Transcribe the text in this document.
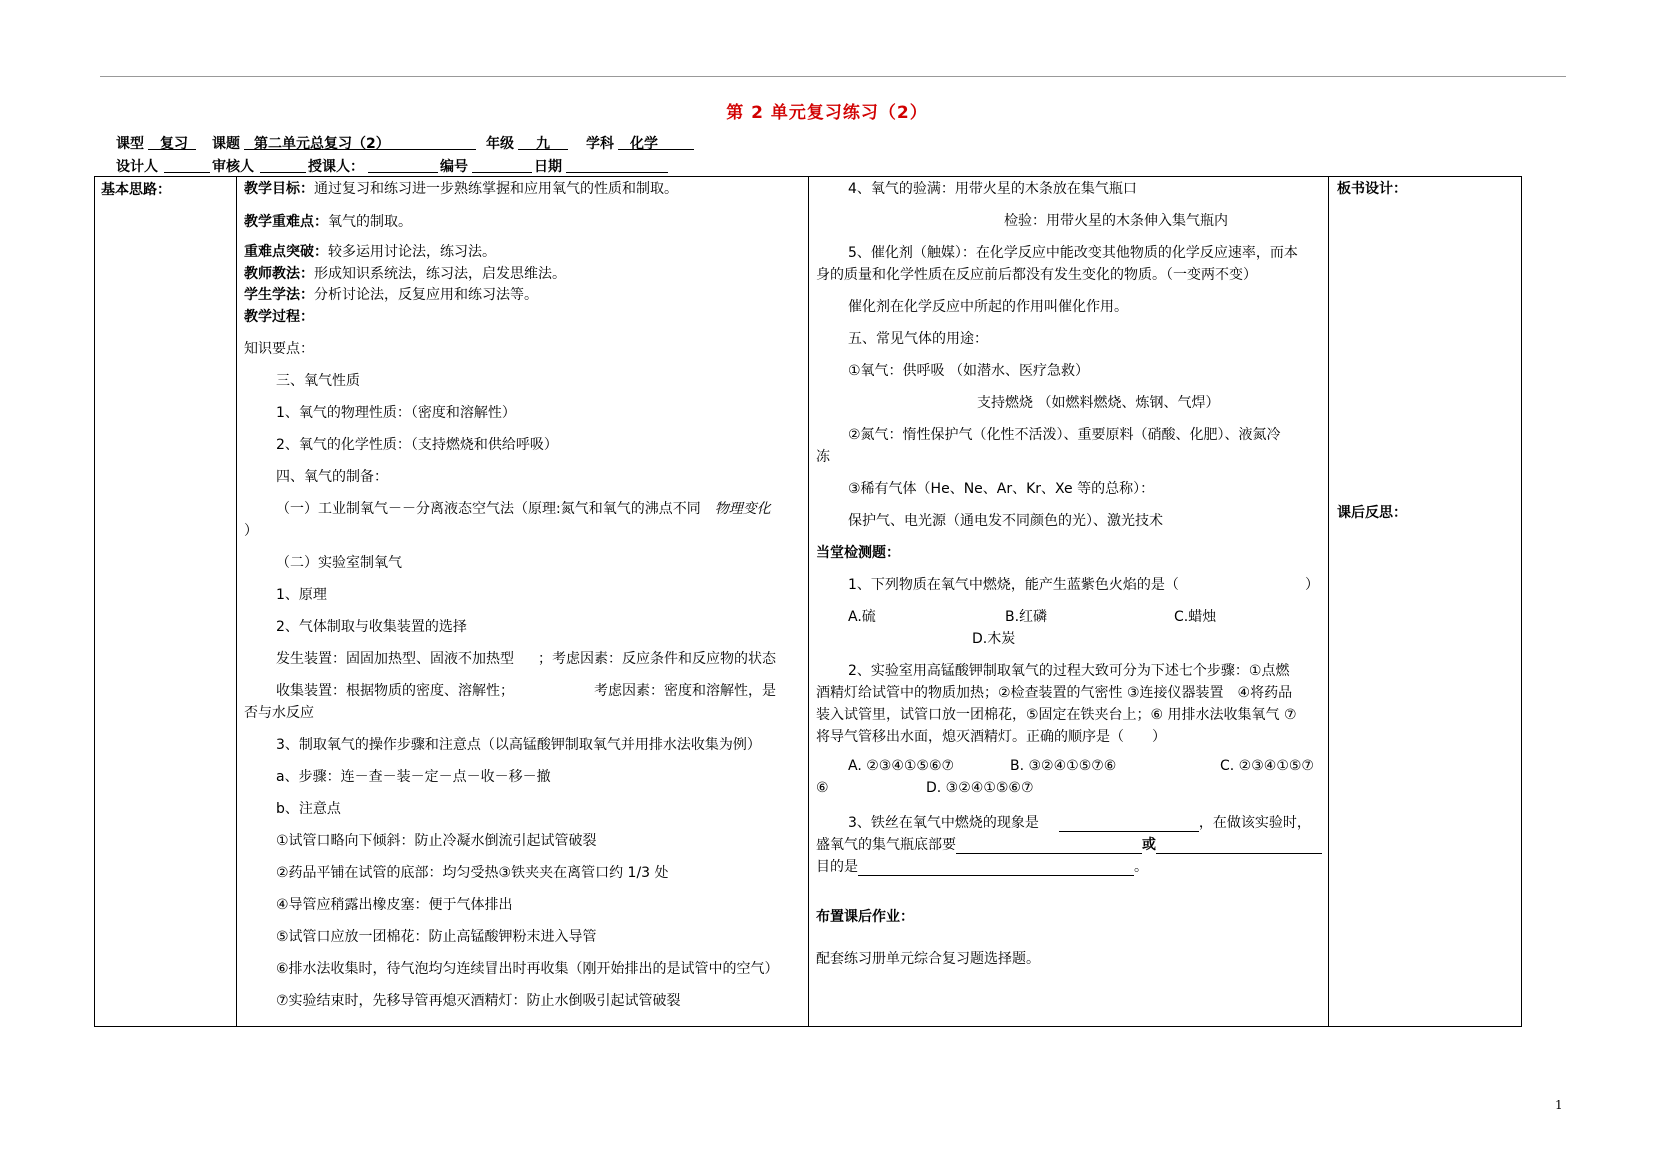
第 2 单元复习练习（2）
课型 复习 课题 第二单元总复习（2）	年级 九	学科 化学
设计人	审核人	授课人：	编号	日期
基本思路：	教学目标：通过复习和练习进一步熟练掌握和应用氧气的性质和制取。
教学重难点：氧气的制取。
重难点突破：较多运用讨论法，练习法。
教师教法：形成知识系统法，练习法，启发思维法。
学生学法：分析讨论法，反复应用和练习法等。
教学过程：
知识要点：
三、氧气性质
1、氧气的物理性质：（密度和溶解性）
2、氧气的化学性质：（支持燃烧和供给呼吸）
四、氧气的制备：
（一）工业制氧气－－分离液态空气法（原理:氮气和氧气的沸点不同 物理变化
）
（二）实验室制氧气
1、原理
2、气体制取与收集装置的选择
发生装置：固固加热型、固液不加热型 ；考虑因素：反应条件和反应物的状态
收集装置：根据物质的密度、溶解性；	考虑因素：密度和溶解性，是
否与水反应
3、制取氧气的操作步骤和注意点（以高锰酸钾制取氧气并用排水法收集为例）
a、步骤：连－查－装－定－点－收－移－撤
b、注意点
①试管口略向下倾斜：防止冷凝水倒流引起试管破裂
②药品平铺在试管的底部：均匀受热③铁夹夹在离管口约 1/3 处
④导管应稍露出橡皮塞：便于气体排出
⑤试管口应放一团棉花：防止高锰酸钾粉末进入导管
⑥排水法收集时，待气泡均匀连续冒出时再收集（刚开始排出的是试管中的空气）
⑦实验结束时，先移导管再熄灭酒精灯：防止水倒吸引起试管破裂

4、氧气的验满：用带火星的木条放在集气瓶口
检验：用带火星的木条伸入集气瓶内
5、催化剂（触媒）：在化学反应中能改变其他物质的化学反应速率，而本
身的质量和化学性质在反应前后都没有发生变化的物质。（一变两不变）
催化剂在化学反应中所起的作用叫催化作用。
五、常见气体的用途：
①氧气：供呼吸 （如潜水、医疗急救）
支持燃烧 （如燃料燃烧、炼钢、气焊）
②氮气：惰性保护气（化性不活泼）、重要原料（硝酸、化肥）、液氮冷
冻
③稀有气体（He、Ne、Ar、Kr、Xe 等的总称）：
保护气、电光源（通电发不同颜色的光）、激光技术
当堂检测题：
1、下列物质在氧气中燃烧，能产生蓝紫色火焰的是（	）
A.硫	B.红磷	C.蜡烛
D.木炭
2、实验室用高锰酸钾制取氧气的过程大致可分为下述七个步骤：①点燃
酒精灯给试管中的物质加热；②检查装置的气密性 ③连接仪器装置　④将药品
装入试管里，试管口放一团棉花，⑤固定在铁夹台上；⑥ 用排水法收集氧气 ⑦
将导气管移出水面，熄灭酒精灯。正确的顺序是（　　）
A. ②③④①⑤⑥⑦	B. ③②④①⑤⑦⑥	C. ②③④①⑤⑦
⑥	D. ③②④①⑤⑥⑦
3、铁丝在氧气中燃烧的现象是	，在做该实验时，
盛氧气的集气瓶底部要	或
目的是	。
布置课后作业：
配套练习册单元综合复习题选择题。

板书设计：
课后反思：
1
